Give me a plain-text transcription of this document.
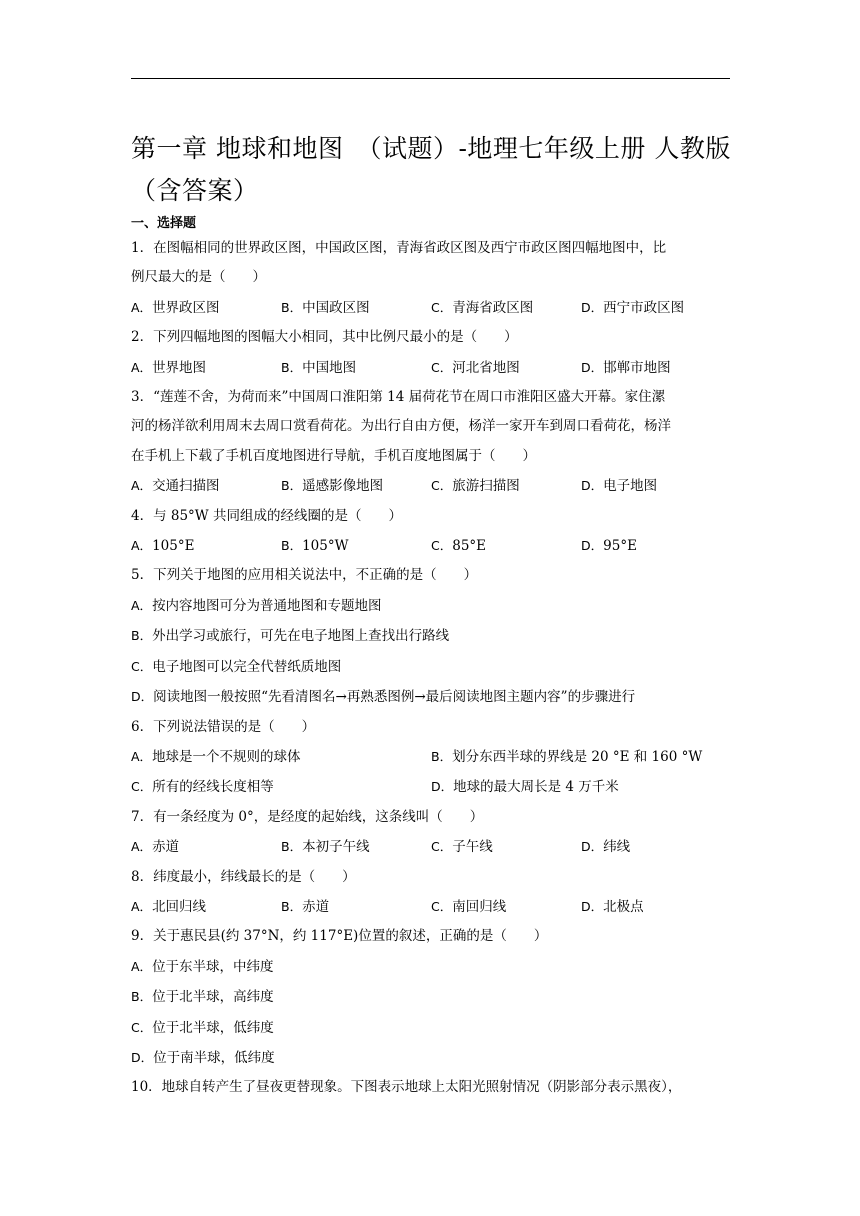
第一章 地球和地图　（试题）-地理七年级上册 人教版（含答案）
一、选择题
1．在图幅相同的世界政区图，中国政区图，青海省政区图及西宁市政区图四幅地图中，比
例尺最大的是（　　）
A．世界政区图	B．中国政区图	C．青海省政区图	D．西宁市政区图
2．下列四幅地图的图幅大小相同，其中比例尺最小的是（　　）
A．世界地图	B．中国地图	C．河北省地图	D．邯郸市地图
3．“莲莲不舍，为荷而来”中国周口淮阳第 14 届荷花节在周口市淮阳区盛大开幕。家住漯
河的杨洋欲利用周末去周口赏看荷花。为出行自由方便，杨洋一家开车到周口看荷花，杨洋
在手机上下载了手机百度地图进行导航，手机百度地图属于（　　）
A．交通扫描图	B．遥感影像地图	C．旅游扫描图	D．电子地图
4．与 85°W 共同组成的经线圈的是（　　）
A．105°E	B．105°W	C．85°E	D．95°E
5．下列关于地图的应用相关说法中，不正确的是（　　）
A．按内容地图可分为普通地图和专题地图
B．外出学习或旅行，可先在电子地图上查找出行路线
C．电子地图可以完全代替纸质地图
D．阅读地图一般按照“先看清图名→再熟悉图例→最后阅读地图主题内容”的步骤进行
6．下列说法错误的是（　　）
A．地球是一个不规则的球体	B．划分东西半球的界线是 20 °E 和 160 °W
C．所有的经线长度相等	D．地球的最大周长是 4 万千米
7．有一条经度为 0°，是经度的起始线，这条线叫（　　）
A．赤道	B．本初子午线	C．子午线	D．纬线
8．纬度最小，纬线最长的是（　　）
A．北回归线	B．赤道	C．南回归线	D．北极点
9．关于惠民县(约 37°N，约 117°E)位置的叙述，正确的是（　　）
A．位于东半球，中纬度
B．位于北半球，高纬度
C．位于北半球，低纬度
D．位于南半球，低纬度
10．地球自转产生了昼夜更替现象。下图表示地球上太阳光照射情况（阴影部分表示黑夜），
